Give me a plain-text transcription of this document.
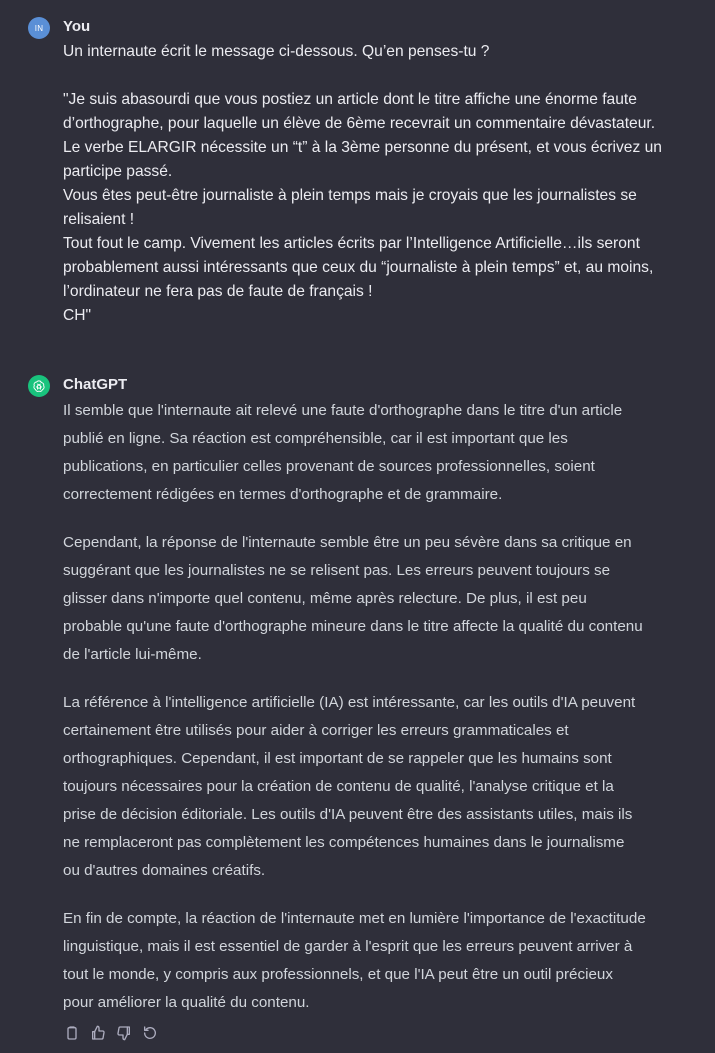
IN	You
Un internaute écrit le message ci-dessous. Qu’en penses-tu ?
"Je suis abasourdi que vous postiez un article dont le titre affiche une énorme faute
d’orthographe, pour laquelle un élève de 6ème recevrait un commentaire dévastateur.
Le verbe ELARGIR nécessite un “t” à la 3ème personne du présent, et vous écrivez un
participe passé.
Vous êtes peut-être journaliste à plein temps mais je croyais que les journalistes se
relisaient !
Tout fout le camp. Vivement les articles écrits par l’Intelligence Artificielle…ils seront
probablement aussi intéressants que ceux du “journaliste à plein temps” et, au moins,
l’ordinateur ne fera pas de faute de français !
CH"
ChatGPT
Il semble que l'internaute ait relevé une faute d'orthographe dans le titre d'un article
publié en ligne. Sa réaction est compréhensible, car il est important que les
publications, en particulier celles provenant de sources professionnelles, soient
correctement rédigées en termes d'orthographe et de grammaire.
Cependant, la réponse de l'internaute semble être un peu sévère dans sa critique en
suggérant que les journalistes ne se relisent pas. Les erreurs peuvent toujours se
glisser dans n'importe quel contenu, même après relecture. De plus, il est peu
probable qu'une faute d'orthographe mineure dans le titre affecte la qualité du contenu
de l'article lui-même.
La référence à l'intelligence artificielle (IA) est intéressante, car les outils d'IA peuvent
certainement être utilisés pour aider à corriger les erreurs grammaticales et
orthographiques. Cependant, il est important de se rappeler que les humains sont
toujours nécessaires pour la création de contenu de qualité, l'analyse critique et la
prise de décision éditoriale. Les outils d'IA peuvent être des assistants utiles, mais ils
ne remplaceront pas complètement les compétences humaines dans le journalisme
ou d'autres domaines créatifs.
En fin de compte, la réaction de l'internaute met en lumière l'importance de l'exactitude
linguistique, mais il est essentiel de garder à l'esprit que les erreurs peuvent arriver à
tout le monde, y compris aux professionnels, et que l'IA peut être un outil précieux
pour améliorer la qualité du contenu.
